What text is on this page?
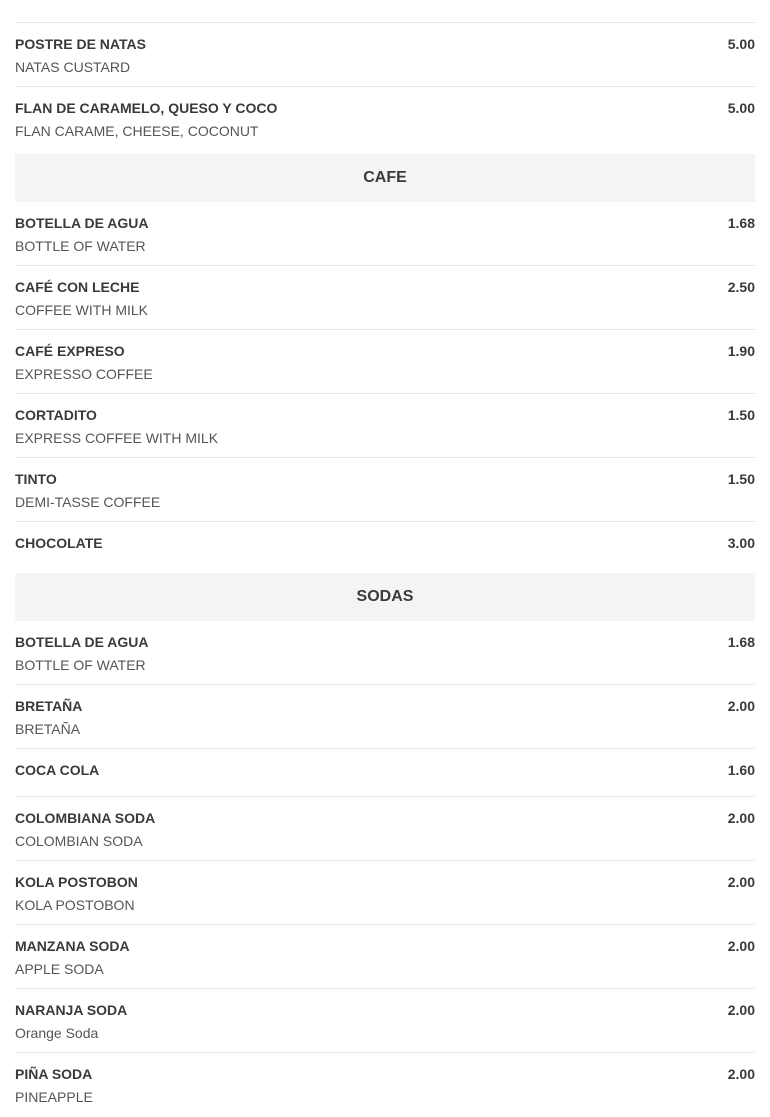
POSTRE DE NATAS
NATAS CUSTARD
5.00
FLAN DE CARAMELO, QUESO Y COCO
FLAN CARAME, CHEESE, COCONUT
5.00
CAFE
BOTELLA DE AGUA
BOTTLE OF WATER
1.68
CAFÉ CON LECHE
COFFEE WITH MILK
2.50
CAFÉ EXPRESO
EXPRESSO COFFEE
1.90
CORTADITO
EXPRESS COFFEE WITH MILK
1.50
TINTO
DEMI-TASSE COFFEE
1.50
CHOCOLATE	3.00
SODAS
BOTELLA DE AGUA
BOTTLE OF WATER
1.68
BRETAÑA
BRETAÑA
2.00
COCA COLA	1.60
COLOMBIANA SODA
COLOMBIAN SODA
2.00
KOLA POSTOBON
KOLA POSTOBON
2.00
MANZANA SODA
APPLE SODA
2.00
NARANJA SODA
Orange Soda
2.00
PIÑA SODA
PINEAPPLE
2.00
